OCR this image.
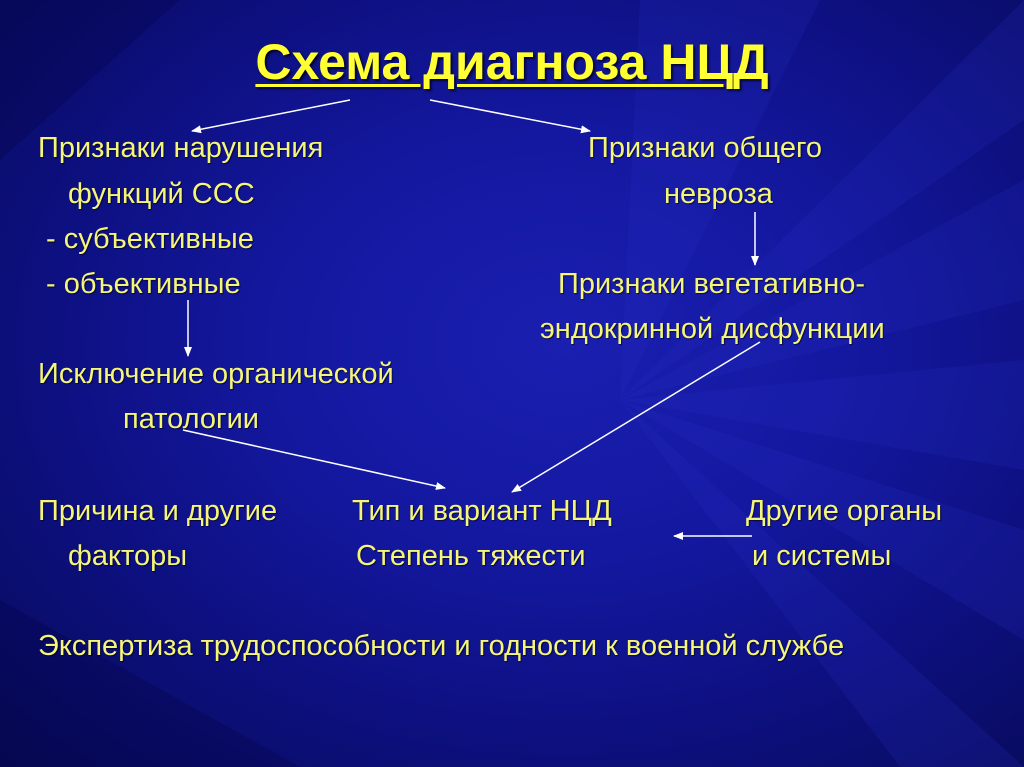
Схема диагноза НЦД
Признаки нарушения
функций ССС
- субъективные
- объективные
Признаки общего
невроза
Признаки вегетативно-
эндокринной дисфункции
Исключение органической
патологии
Причина и другие
факторы
Тип и вариант НЦД
Степень тяжести
Другие органы
и системы
Экспертиза трудоспособности и годности к военной службе
